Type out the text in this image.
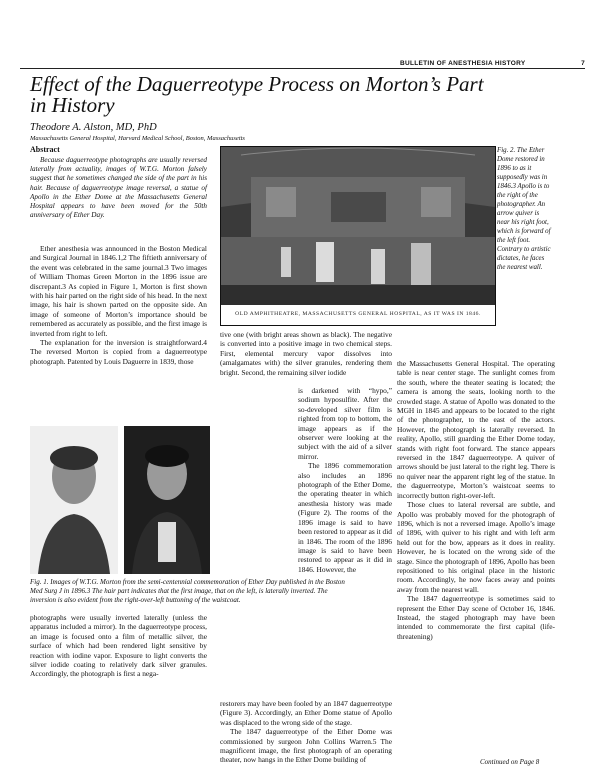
BULLETIN OF ANESTHESIA HISTORY	7
Effect of the Daguerreotype Process on Morton’s Part in History
Theodore A. Alston, MD, PhD
Massachusetts General Hospital, Harvard Medical School, Boston, Massachusetts
Abstract

Because daguerreotype photographs are usually reversed laterally from actuality, images of W.T.G. Morton falsely suggest that he sometimes changed the side of the part in his hair. Because of daguerreotype image reversal, a statue of Apollo in the Ether Dome at the Massachusetts General Hospital appears to have been moved for the 50th anniversary of Ether Day.

Ether anesthesia was announced in the Boston Medical and Surgical Journal in 1846.1,2 The fiftieth anniversary of the event was celebrated in the same journal.3 Two images of William Thomas Green Morton in the 1896 issue are discrepant.3 As copied in Figure 1, Morton is first shown with his hair parted on the right side of his head. In the next image, his hair is shown parted on the opposite side. An image of someone of Morton’s importance should be remembered as accurately as possible, and the first image is inverted from right to left.

The explanation for the inversion is straightforward.4 The reversed Morton is copied from a daguerreotype photograph. Patented by Louis Daguerre in 1839, those

OLD AMPHITHEATRE, MASSACHUSETTS GENERAL HOSPITAL, AS IT WAS IN 1846.
Fig. 2. The Ether Dome restored in 1896 to as it supposedly was in 1846.3 Apollo is to the right of the photographer. An arrow quiver is near his right foot, which is forward of the left foot. Contrary to artistic dictates, he faces the nearest wall.
Fig. 1. Images of W.T.G. Morton from the semi-centennial commemoration of Ether Day published in the Boston Med Surg J in 1896.3 The hair part indicates that the first image, that on the left, is laterally inverted. The inversion is also evident from the right-over-left buttoning of the waistcoat.

photographs were usually inverted laterally (unless the apparatus included a mirror). In the daguerreotype process, an image is focused onto a film of metallic silver, the surface of which had been rendered light sensitive by reaction with iodine vapor. Exposure to light converts the silver iodide coating to relatively dark silver granules. Accordingly, the photograph is first a nega-

tive one (with bright areas shown as black). The negative is converted into a positive image in two chemical steps. First, elemental mercury vapor dissolves into (amalgamates with) the silver granules, rendering them bright. Second, the remaining silver iodide

is darkened with “hypo,” sodium hyposulfite. After the so-developed silver film is righted from top to bottom, the image appears as if the observer were looking at the subject with the aid of a silver mirror.

The 1896 commemoration also includes an 1896 photograph of the Ether Dome, the operating theater in which anesthesia history was made (Figure 2). The rooms of the 1896 image is said to have been restored to appear as it did in 1846. The room of the 1896 image is said to have been restored to appear as it did in 1846. However, the

restorers may have been fooled by an 1847 daguerreotype (Figure 3). Accordingly, an Ether Dome statue of Apollo was displaced to the wrong side of the stage.

The 1847 daguerreotype of the Ether Dome was commissioned by surgeon John Collins Warren.5 The magnificent image, the first photograph of an operating theater, now hangs in the Ether Dome building of

the Massachusetts General Hospital. The operating table is near center stage. The sunlight comes from the south, where the theater seating is located; the camera is among the seats, looking north to the crowded stage. A statue of Apollo was donated to the MGH in 1845 and appears to be located to the right of the photographer, to the east of the actors. However, the photograph is laterally reversed. In reality, Apollo, still guarding the Ether Dome today, stands with right foot forward. The stance appears reversed in the 1847 daguerreotype. A quiver of arrows should be just lateral to the right leg. There is no quiver near the apparent right leg of the statue. In the daguerreotype, Morton’s waistcoat seems to incorrectly button right-over-left.

Those clues to lateral reversal are subtle, and Apollo was probably moved for the photograph of 1896, which is not a reversed image. Apollo’s image of 1896, with quiver to his right and with left arm held out for the bow, appears as it does in reality. However, he is located on the wrong side of the stage. Since the photograph of 1896, Apollo has been repositioned to his original place in the historic room. Accordingly, he now faces away and points away from the nearest wall.

The 1847 daguerreotype is sometimes said to represent the Ether Day scene of October 16, 1846. Instead, the staged photograph may have been intended to commemorate the first capital (life-threatening)

Continued on Page 8
